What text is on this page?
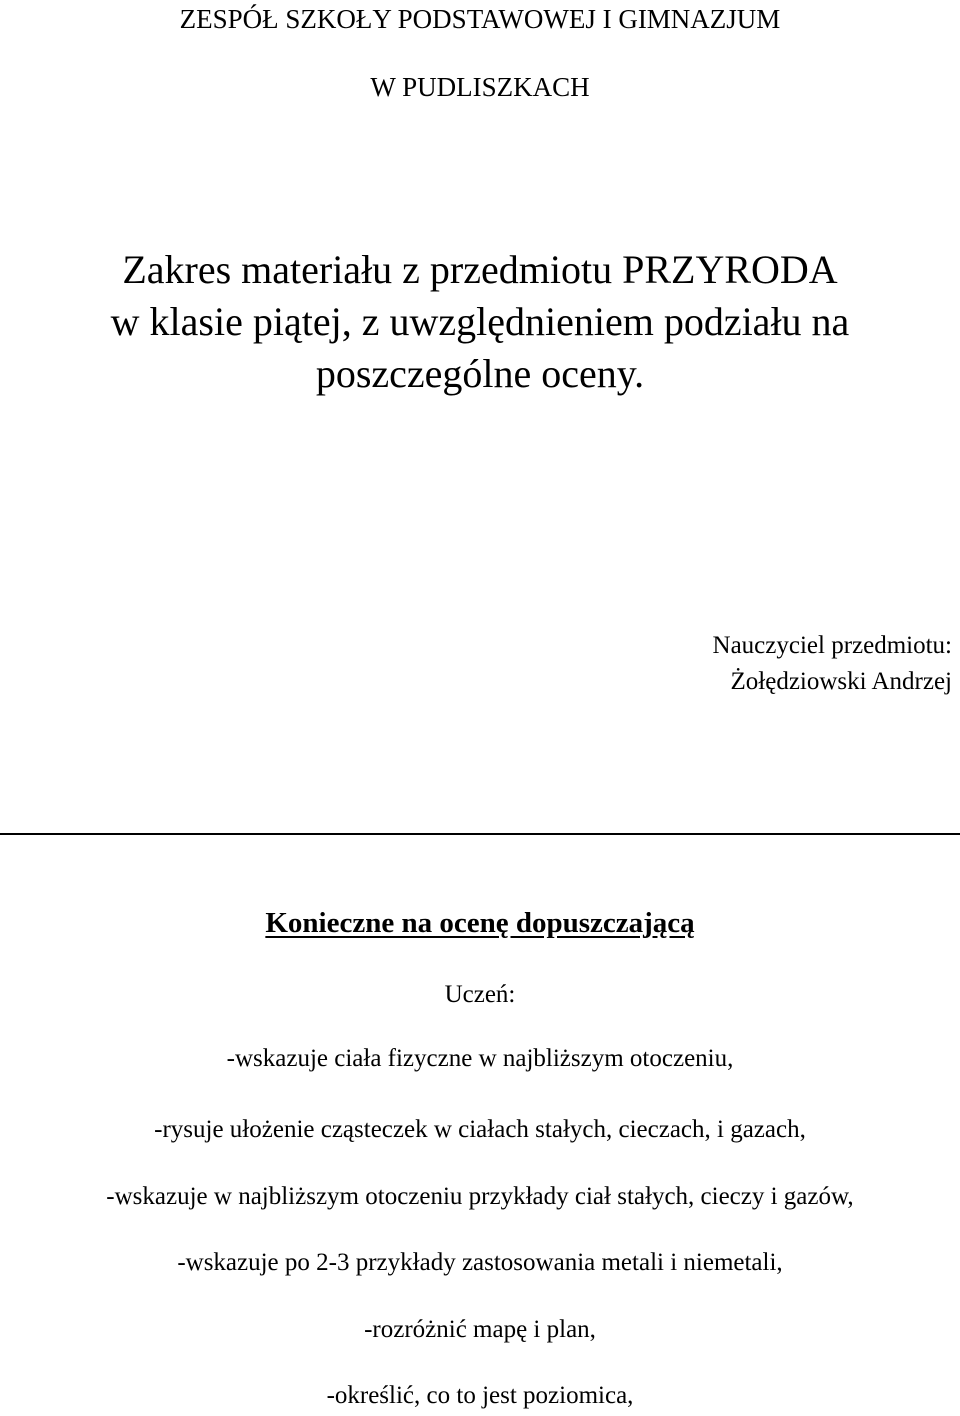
ZESPÓŁ SZKOŁY PODSTAWOWEJ I GIMNAZJUM
W PUDLISZKACH
Zakres materiału z przedmiotu PRZYRODA
w klasie piątej, z uwzględnieniem podziału na
poszczególne oceny.
Nauczyciel przedmiotu:
Żołędziowski Andrzej
Konieczne na ocenę dopuszczającą
Uczeń:
-wskazuje ciała fizyczne w najbliższym otoczeniu,
-rysuje ułożenie cząsteczek w ciałach stałych, cieczach, i gazach,
-wskazuje w najbliższym otoczeniu przykłady ciał stałych, cieczy i gazów,
-wskazuje po 2-3 przykłady zastosowania metali i niemetali,
-rozróżnić mapę i plan,
-określić, co to jest poziomica,
